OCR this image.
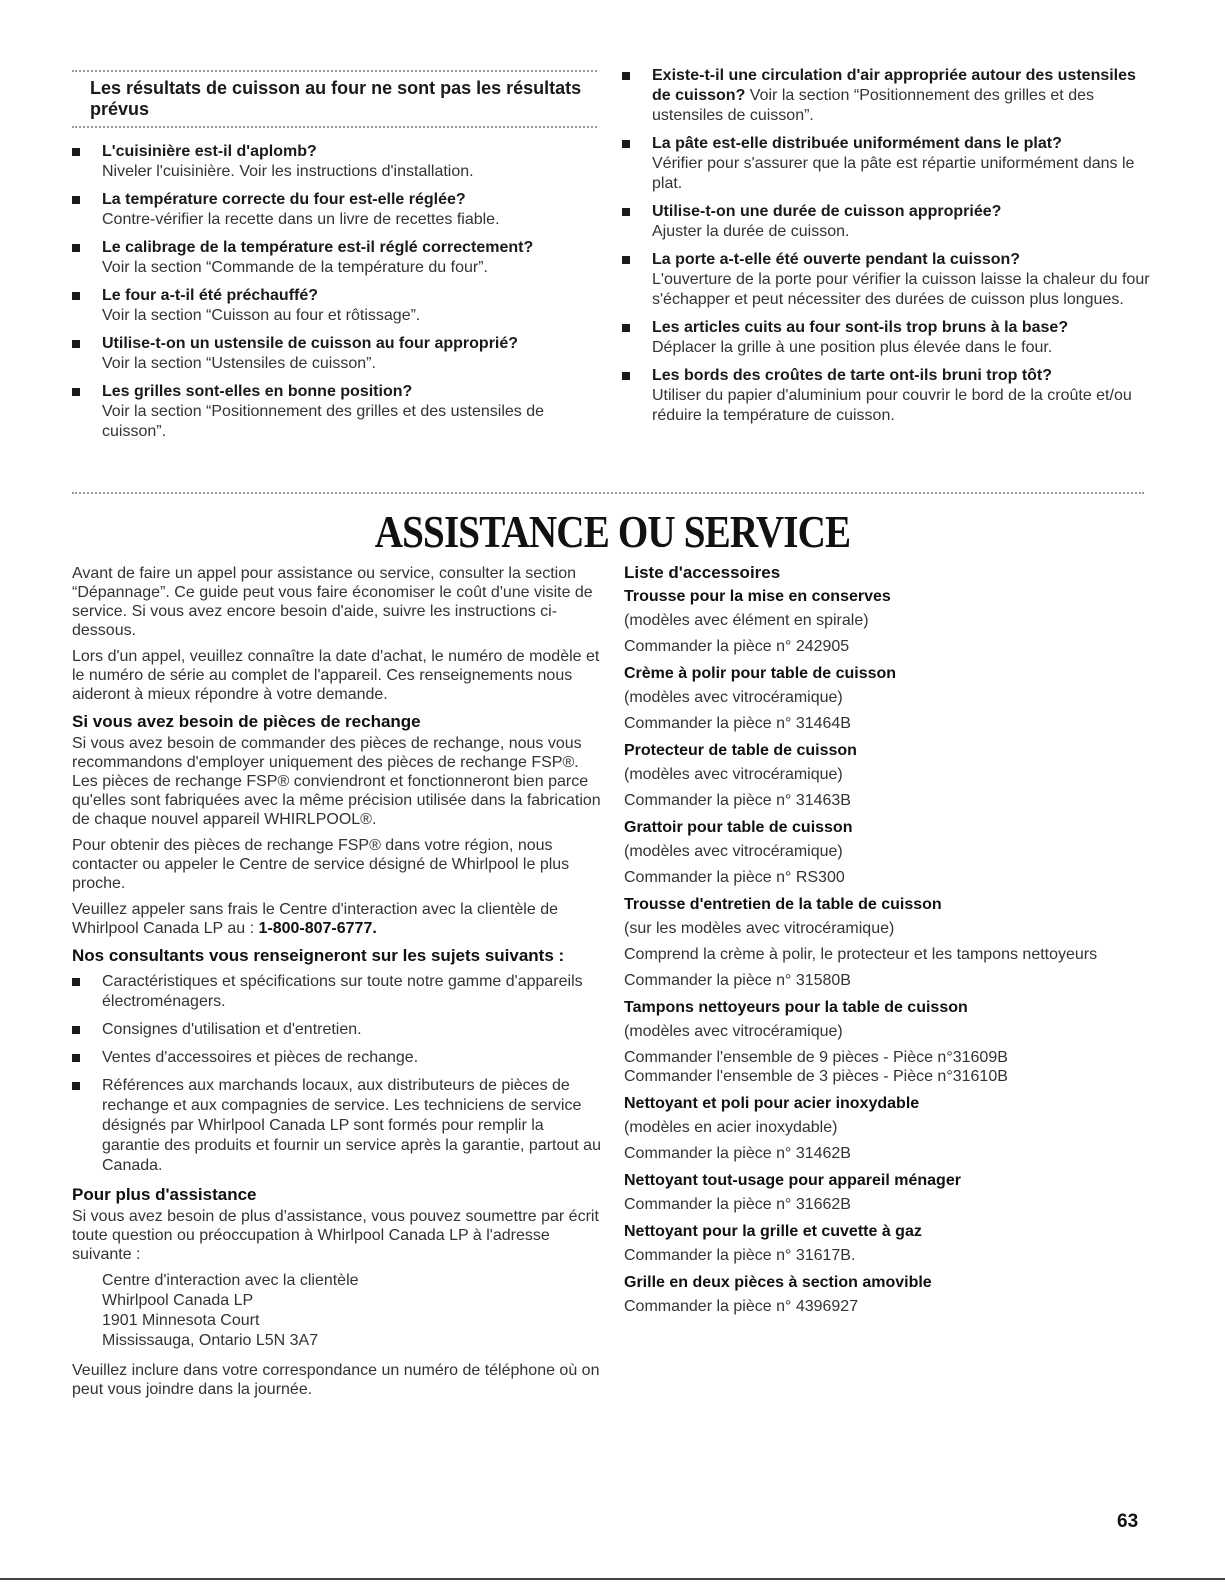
Les résultats de cuisson au four ne sont pas les résultats prévus
L'cuisinière est-il d'aplomb?
Niveler l'cuisinière. Voir les instructions d'installation.
La température correcte du four est-elle réglée?
Contre-vérifier la recette dans un livre de recettes fiable.
Le calibrage de la température est-il réglé correctement?
Voir la section “Commande de la température du four”.
Le four a-t-il été préchauffé?
Voir la section “Cuisson au four et rôtissage”.
Utilise-t-on un ustensile de cuisson au four approprié?
Voir la section “Ustensiles de cuisson”.
Les grilles sont-elles en bonne position?
Voir la section “Positionnement des grilles et des ustensiles de cuisson”.
Existe-t-il une circulation d'air appropriée autour des ustensiles de cuisson? Voir la section “Positionnement des grilles et des ustensiles de cuisson”.
La pâte est-elle distribuée uniformément dans le plat?
Vérifier pour s'assurer que la pâte est répartie uniformément dans le plat.
Utilise-t-on une durée de cuisson appropriée?
Ajuster la durée de cuisson.
La porte a-t-elle été ouverte pendant la cuisson?
L'ouverture de la porte pour vérifier la cuisson laisse la chaleur du four s'échapper et peut nécessiter des durées de cuisson plus longues.
Les articles cuits au four sont-ils trop bruns à la base?
Déplacer la grille à une position plus élevée dans le four.
Les bords des croûtes de tarte ont-ils bruni trop tôt?
Utiliser du papier d'aluminium pour couvrir le bord de la croûte et/ou réduire la température de cuisson.
ASSISTANCE OU SERVICE

Avant de faire un appel pour assistance ou service, consulter la section “Dépannage”. Ce guide peut vous faire économiser le coût d'une visite de service. Si vous avez encore besoin d'aide, suivre les instructions ci-dessous.

Lors d'un appel, veuillez connaître la date d'achat, le numéro de modèle et le numéro de série au complet de l'appareil. Ces renseignements nous aideront à mieux répondre à votre demande.

Si vous avez besoin de pièces de rechange

Si vous avez besoin de commander des pièces de rechange, nous vous recommandons d'employer uniquement des pièces de rechange FSP®. Les pièces de rechange FSP® conviendront et fonctionneront bien parce qu'elles sont fabriquées avec la même précision utilisée dans la fabrication de chaque nouvel appareil WHIRLPOOL®.

Pour obtenir des pièces de rechange FSP® dans votre région, nous contacter ou appeler le Centre de service désigné de Whirlpool le plus proche.

Veuillez appeler sans frais le Centre d'interaction avec la clientèle de Whirlpool Canada LP au : 1-800-807-6777.

Nos consultants vous renseigneront sur les sujets suivants :
Caractéristiques et spécifications sur toute notre gamme d'appareils électroménagers.
Consignes d'utilisation et d'entretien.
Ventes d'accessoires et pièces de rechange.
Références aux marchands locaux, aux distributeurs de pièces de rechange et aux compagnies de service. Les techniciens de service désignés par Whirlpool Canada LP sont formés pour remplir la garantie des produits et fournir un service après la garantie, partout au Canada.
Pour plus d'assistance

Si vous avez besoin de plus d'assistance, vous pouvez soumettre par écrit toute question ou préoccupation à Whirlpool Canada LP à l'adresse suivante :

Centre d'interaction avec la clientèle
Whirlpool Canada LP
1901 Minnesota Court
Mississauga, Ontario L5N 3A7

Veuillez inclure dans votre correspondance un numéro de téléphone où on peut vous joindre dans la journée.

Liste d'accessoires
Trousse pour la mise en conserves
(modèles avec élément en spirale)
Commander la pièce n° 242905
Crème à polir pour table de cuisson
(modèles avec vitrocéramique)
Commander la pièce n° 31464B
Protecteur de table de cuisson
(modèles avec vitrocéramique)
Commander la pièce n° 31463B
Grattoir pour table de cuisson
(modèles avec vitrocéramique)
Commander la pièce n° RS300
Trousse d'entretien de la table de cuisson
(sur les modèles avec vitrocéramique)
Comprend la crème à polir, le protecteur et les tampons nettoyeurs
Commander la pièce n° 31580B
Tampons nettoyeurs pour la table de cuisson
(modèles avec vitrocéramique)
Commander l'ensemble de 9 pièces - Pièce n°31609B
Commander l'ensemble de 3 pièces - Pièce n°31610B
Nettoyant et poli pour acier inoxydable
(modèles en acier inoxydable)
Commander la pièce n° 31462B
Nettoyant tout-usage pour appareil ménager
Commander la pièce n° 31662B
Nettoyant pour la grille et cuvette à gaz
Commander la pièce n° 31617B.
Grille en deux pièces à section amovible
Commander la pièce n° 4396927
63
